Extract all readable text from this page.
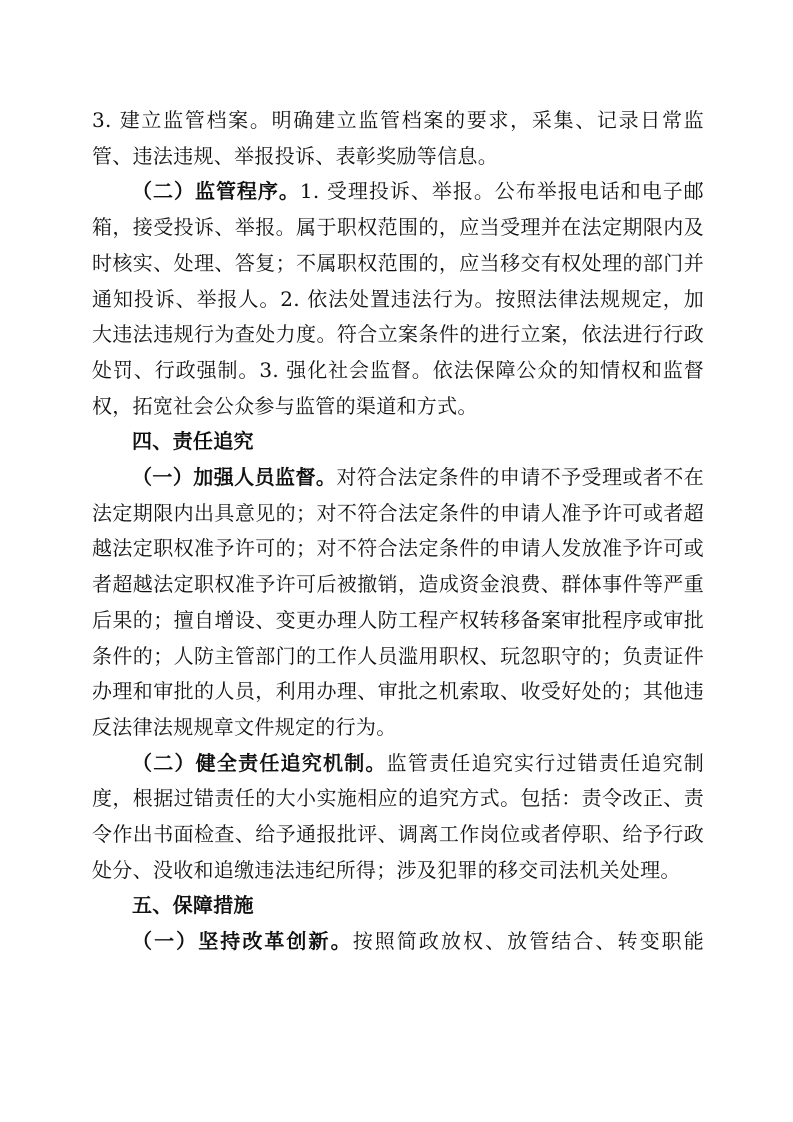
3. 建立监管档案。明确建立监管档案的要求，采集、记录日常监管、违法违规、举报投诉、表彰奖励等信息。

（二）监管程序。1. 受理投诉、举报。公布举报电话和电子邮箱，接受投诉、举报。属于职权范围的，应当受理并在法定期限内及时核实、处理、答复；不属职权范围的，应当移交有权处理的部门并通知投诉、举报人。2. 依法处置违法行为。按照法律法规规定，加大违法违规行为查处力度。符合立案条件的进行立案，依法进行行政处罚、行政强制。3. 强化社会监督。依法保障公众的知情权和监督权，拓宽社会公众参与监管的渠道和方式。

四、责任追究

（一）加强人员监督。对符合法定条件的申请不予受理或者不在法定期限内出具意见的；对不符合法定条件的申请人准予许可或者超越法定职权准予许可的；对不符合法定条件的申请人发放准予许可或者超越法定职权准予许可后被撤销，造成资金浪费、群体事件等严重后果的；擅自增设、变更办理人防工程产权转移备案审批程序或审批条件的；人防主管部门的工作人员滥用职权、玩忽职守的；负责证件办理和审批的人员，利用办理、审批之机索取、收受好处的；其他违反法律法规规章文件规定的行为。

（二）健全责任追究机制。监管责任追究实行过错责任追究制度，根据过错责任的大小实施相应的追究方式。包括：责令改正、责令作出书面检查、给予通报批评、调离工作岗位或者停职、给予行政处分、没收和追缴违法违纪所得；涉及犯罪的移交司法机关处理。

五、保障措施

（一）坚持改革创新。按照简政放权、放管结合、转变职能
